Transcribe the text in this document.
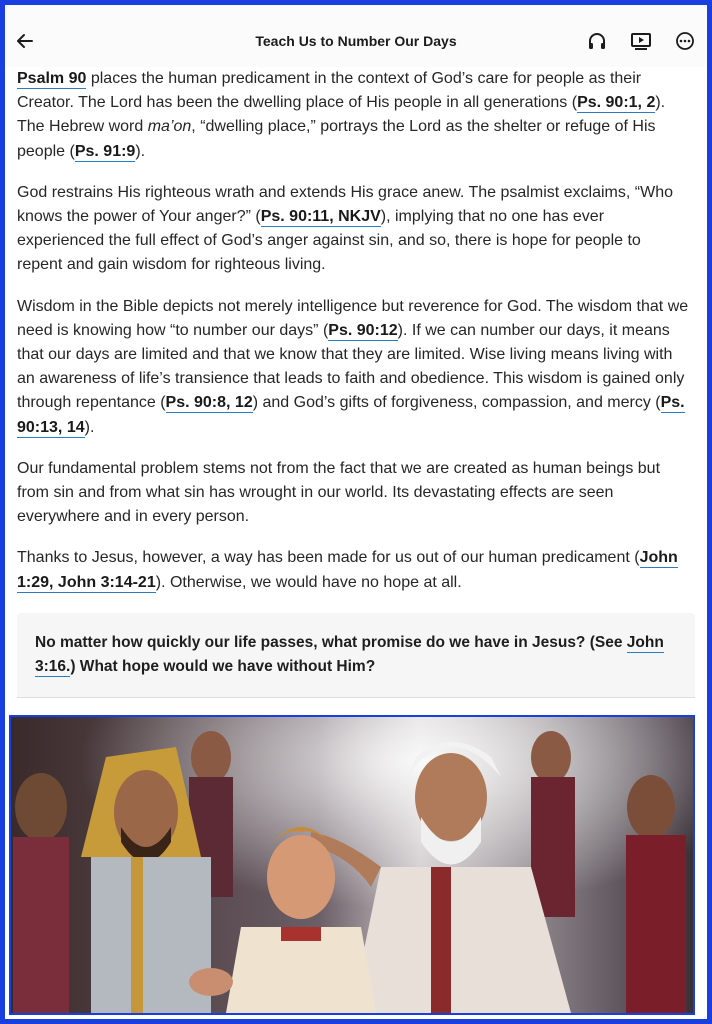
Teach Us to Number Our Days

Psalm 90 places the human predicament in the context of God’s care for people as their Creator. The Lord has been the dwelling place of His people in all generations (Ps. 90:1, 2). The Hebrew word ma’on, “dwelling place,” portrays the Lord as the shelter or refuge of His people (Ps. 91:9).

God restrains His righteous wrath and extends His grace anew. The psalmist exclaims, “Who knows the power of Your anger?” (Ps. 90:11, NKJV), implying that no one has ever experienced the full effect of God’s anger against sin, and so, there is hope for people to repent and gain wisdom for righteous living.

Wisdom in the Bible depicts not merely intelligence but reverence for God. The wisdom that we need is knowing how “to number our days” (Ps. 90:12). If we can number our days, it means that our days are limited and that we know that they are limited. Wise living means living with an awareness of life’s transience that leads to faith and obedience. This wisdom is gained only through repentance (Ps. 90:8, 12) and God’s gifts of forgiveness, compassion, and mercy (Ps. 90:13, 14).

Our fundamental problem stems not from the fact that we are created as human beings but from sin and from what sin has wrought in our world. Its devastating effects are seen everywhere and in every person.

Thanks to Jesus, however, a way has been made for us out of our human predicament (John 1:29, John 3:14-21). Otherwise, we would have no hope at all.

No matter how quickly our life passes, what promise do we have in Jesus? (See John 3:16.) What hope would we have without Him?
